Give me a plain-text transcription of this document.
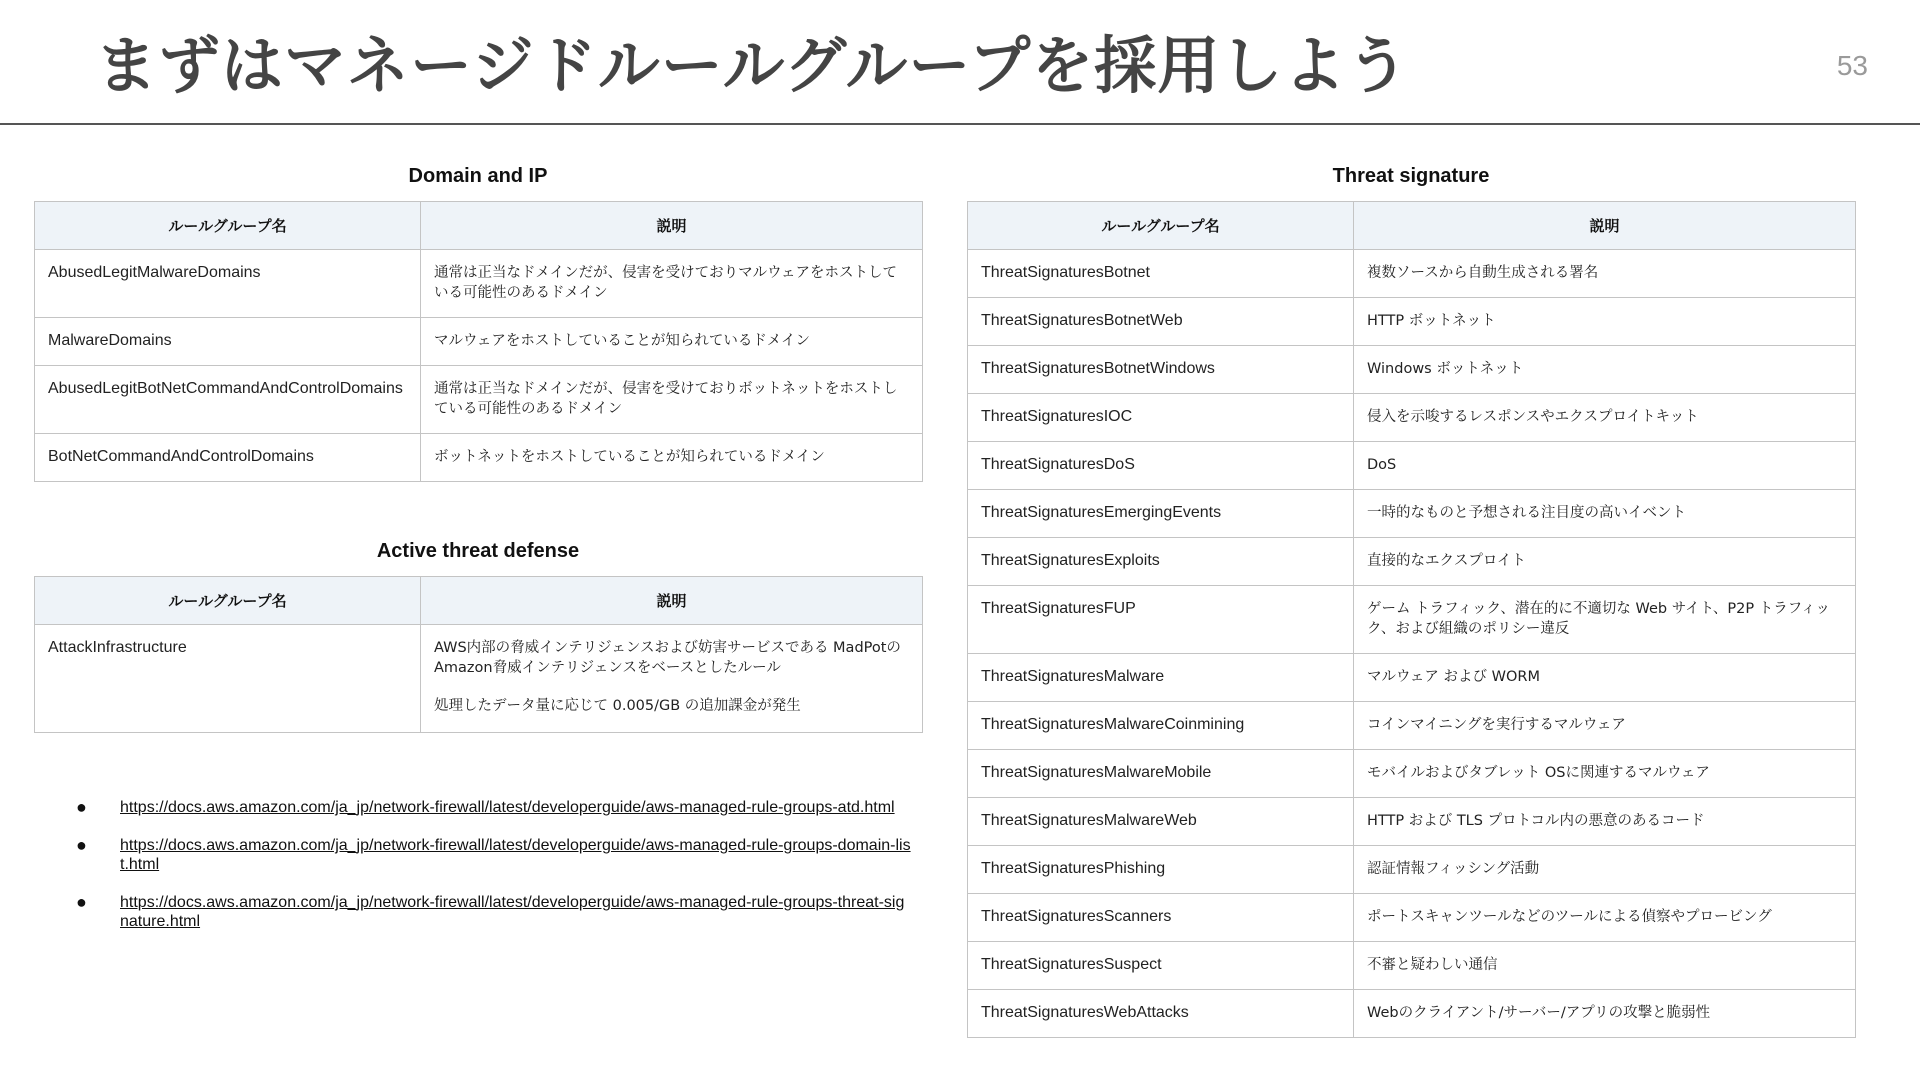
まずはマネージドルールグループを採用しよう	53
Domain and IP
ルールグループ名	説明
AbusedLegitMalwareDomains	通常は正当なドメインだが、侵害を受けておりマルウェアをホストしている可能性のあるドメイン
MalwareDomains	マルウェアをホストしていることが知られているドメイン
AbusedLegitBotNetCommandAndControlDomains	通常は正当なドメインだが、侵害を受けておりボットネットをホストしている可能性のあるドメイン
BotNetCommandAndControlDomains	ボットネットをホストしていることが知られているドメイン
Active threat defense
ルールグループ名	説明
AttackInfrastructure	AWS内部の脅威インテリジェンスおよび妨害サービスである MadPotのAmazon脅威インテリジェンスをベースとしたルール
処理したデータ量に応じて 0.005/GB の追加課金が発生
Threat signature
ルールグループ名	説明
ThreatSignaturesBotnet	複数ソースから自動生成される署名
ThreatSignaturesBotnetWeb	HTTP ボットネット
ThreatSignaturesBotnetWindows	Windows ボットネット
ThreatSignaturesIOC	侵入を示唆するレスポンスやエクスプロイトキット
ThreatSignaturesDoS	DoS
ThreatSignaturesEmergingEvents	一時的なものと予想される注目度の高いイベント
ThreatSignaturesExploits	直接的なエクスプロイト
ThreatSignaturesFUP	ゲーム トラフィック、潜在的に不適切な Web サイト、P2P トラフィック、および組織のポリシー違反
ThreatSignaturesMalware	マルウェア および WORM
ThreatSignaturesMalwareCoinmining	コインマイニングを実行するマルウェア
ThreatSignaturesMalwareMobile	モバイルおよびタブレット OSに関連するマルウェア
ThreatSignaturesMalwareWeb	HTTP および TLS プロトコル内の悪意のあるコード
ThreatSignaturesPhishing	認証情報フィッシング活動
ThreatSignaturesScanners	ポートスキャンツールなどのツールによる偵察やプロービング
ThreatSignaturesSuspect	不審と疑わしい通信
ThreatSignaturesWebAttacks	Webのクライアント/サーバー/アプリの攻撃と脆弱性
● https://docs.aws.amazon.com/ja_jp/network-firewall/latest/developerguide/aws-managed-rule-groups-atd.html
● https://docs.aws.amazon.com/ja_jp/network-firewall/latest/developerguide/aws-managed-rule-groups-domain-list.html
● https://docs.aws.amazon.com/ja_jp/network-firewall/latest/developerguide/aws-managed-rule-groups-threat-signature.html
